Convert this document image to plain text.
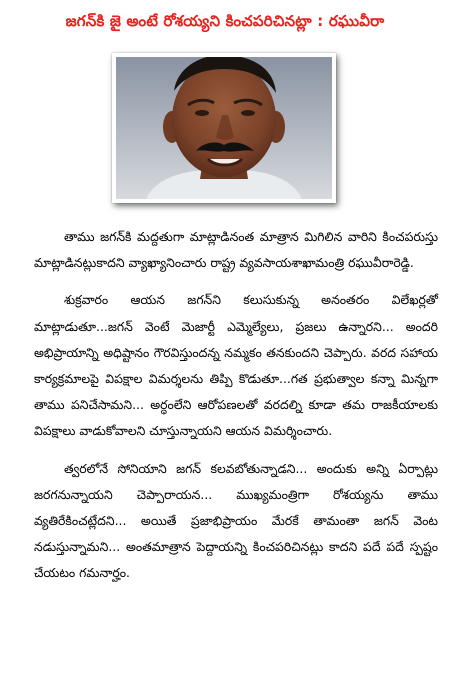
జగన్‌కి జై అంటే రోశయ్యని కించపరిచినట్లా : రఘువీరా

తాము జగన్‌కి మద్దతుగా మాట్లాడినంత మాత్రాన మిగిలిన వారిని కించపరుస్తు మాట్లాడినట్లుకాదని వ్యాఖ్యానించారు రాష్ట్ర వ్యవసాయశాఖామంత్రి రఘువీరారెడ్డి.

శుక్రవారం ఆయన జగన్‌ని కలుసుకున్న అనంతరం విలేఖర్లతో మాట్లాడుతూ...జగన్ వెంటే మెజార్టీ ఎమ్మెల్యేలు, ప్రజలు ఉన్నారని... అందరి అభిప్రాయాన్ని అధిష్టానం గౌరవిస్తుందన్న నమ్మకం తనకుందని చెప్పారు. వరద సహాయ కార్యక్రమాలపై విపక్షాల విమర్శలను తిప్పి కొడుతూ...గత ప్రభుత్వాల కన్నా మిన్నగా తాము పనిచేసామని... అర్ధంలేని ఆరోపణలతో వరదల్ని కూడా తమ రాజకీయాలకు విపక్షాలు వాడుకోవాలని చూస్తున్నాయని ఆయన విమర్శించారు.

త్వరలోనే సోనియాని జగన్ కలవబోతున్నాడని... అందుకు అన్ని ఏర్పాట్లు జరగనున్నాయని చెప్పారాయన... ముఖ్యమంత్రిగా రోశయ్యను తాము వ్యతిరేకించట్లేదని... అయితే ప్రజాభిప్రాయం మేరకే తామంతా జగన్ వెంట నడుస్తున్నామని... అంతమాత్రాన పెద్దాయన్ని కించపరిచినట్లు కాదని పదే పదే స్పష్టం చేయటం గమనార్హం.
